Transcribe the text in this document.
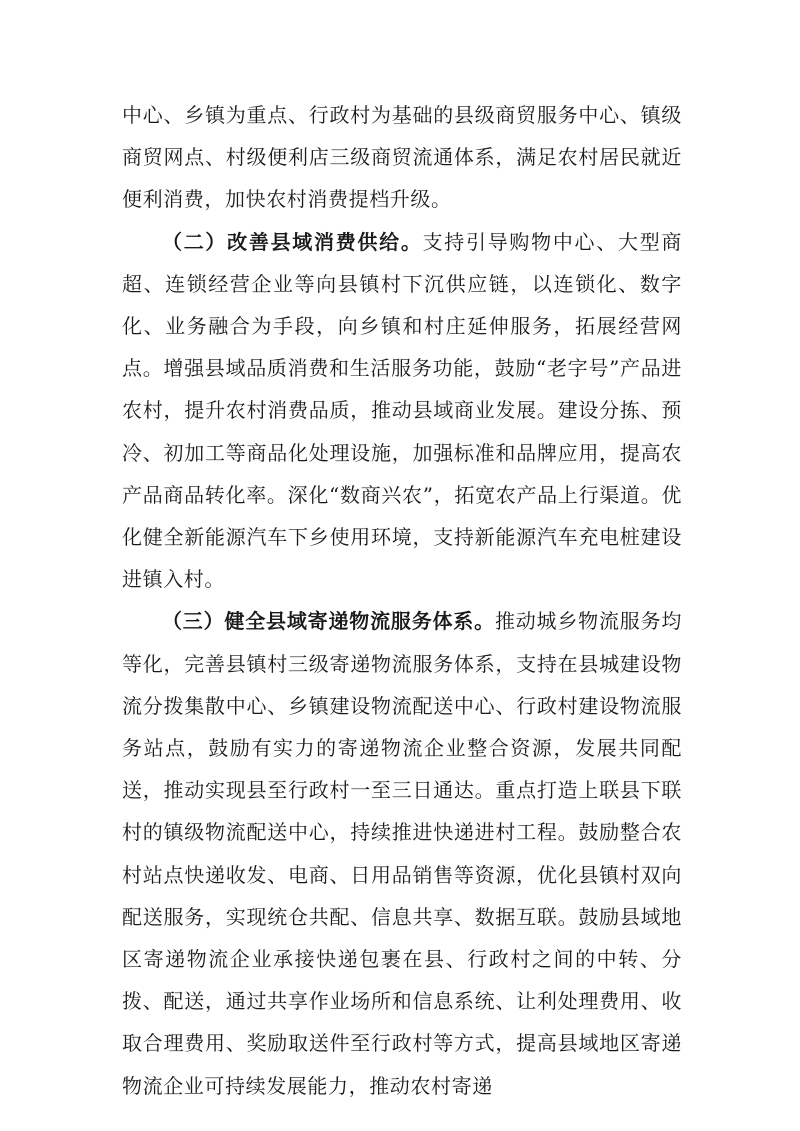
中心、乡镇为重点、行政村为基础的县级商贸服务中心、镇级商贸网点、村级便利店三级商贸流通体系，满足农村居民就近便利消费，加快农村消费提档升级。

（二）改善县域消费供给。支持引导购物中心、大型商超、连锁经营企业等向县镇村下沉供应链，以连锁化、数字化、业务融合为手段，向乡镇和村庄延伸服务，拓展经营网点。增强县域品质消费和生活服务功能，鼓励“老字号”产品进农村，提升农村消费品质，推动县域商业发展。建设分拣、预冷、初加工等商品化处理设施，加强标准和品牌应用，提高农产品商品转化率。深化“数商兴农”，拓宽农产品上行渠道。优化健全新能源汽车下乡使用环境，支持新能源汽车充电桩建设进镇入村。

（三）健全县域寄递物流服务体系。推动城乡物流服务均等化，完善县镇村三级寄递物流服务体系，支持在县城建设物流分拨集散中心、乡镇建设物流配送中心、行政村建设物流服务站点，鼓励有实力的寄递物流企业整合资源，发展共同配送，推动实现县至行政村一至三日通达。重点打造上联县下联村的镇级物流配送中心，持续推进快递进村工程。鼓励整合农村站点快递收发、电商、日用品销售等资源，优化县镇村双向配送服务，实现统仓共配、信息共享、数据互联。鼓励县域地区寄递物流企业承接快递包裹在县、行政村之间的中转、分拨、配送，通过共享作业场所和信息系统、让利处理费用、收取合理费用、奖励取送件至行政村等方式，提高县域地区寄递物流企业可持续发展能力，推动农村寄递
